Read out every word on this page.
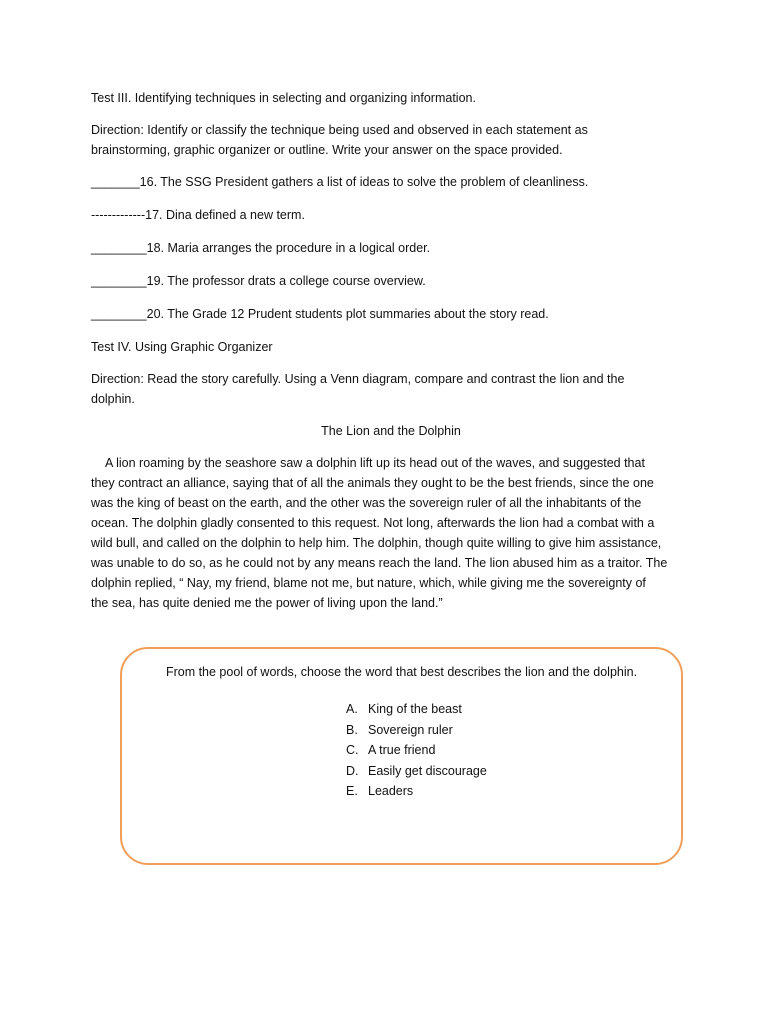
Test III. Identifying techniques in selecting and organizing information.

Direction: Identify or classify the technique being used and observed in each statement as

brainstorming, graphic organizer or outline. Write your answer on the space provided.

_______16. The SSG President gathers a list of ideas to solve the problem of cleanliness.

-------------17. Dina defined a new term.

________18. Maria arranges the procedure in a logical order.

________19. The professor drats a college course overview.

________20. The Grade 12 Prudent students plot summaries about the story read.

Test IV. Using Graphic Organizer

Direction: Read the story carefully. Using a Venn diagram, compare and contrast the lion and the

dolphin.

The Lion and the Dolphin

A lion roaming by the seashore saw a dolphin lift up its head out of the waves, and suggested that

they contract an alliance, saying that of all the animals they ought to be the best friends, since the one

was the king of beast on the earth, and the other was the sovereign ruler of all the inhabitants of the

ocean. The dolphin gladly consented to this request. Not long, afterwards the lion had a combat with a

wild bull, and called on the dolphin to help him. The dolphin, though quite willing to give him assistance,

was unable to do so, as he could not by any means reach the land. The lion abused him as a traitor. The

dolphin replied, “ Nay, my friend, blame not me, but nature, which, while giving me the sovereignty of

the sea, has quite denied me the power of living upon the land.”

From the pool of words, choose the word that best describes the lion and the dolphin.
A. King of the beast
B. Sovereign ruler
C. A true friend
D. Easily get discourage
E. Leaders
